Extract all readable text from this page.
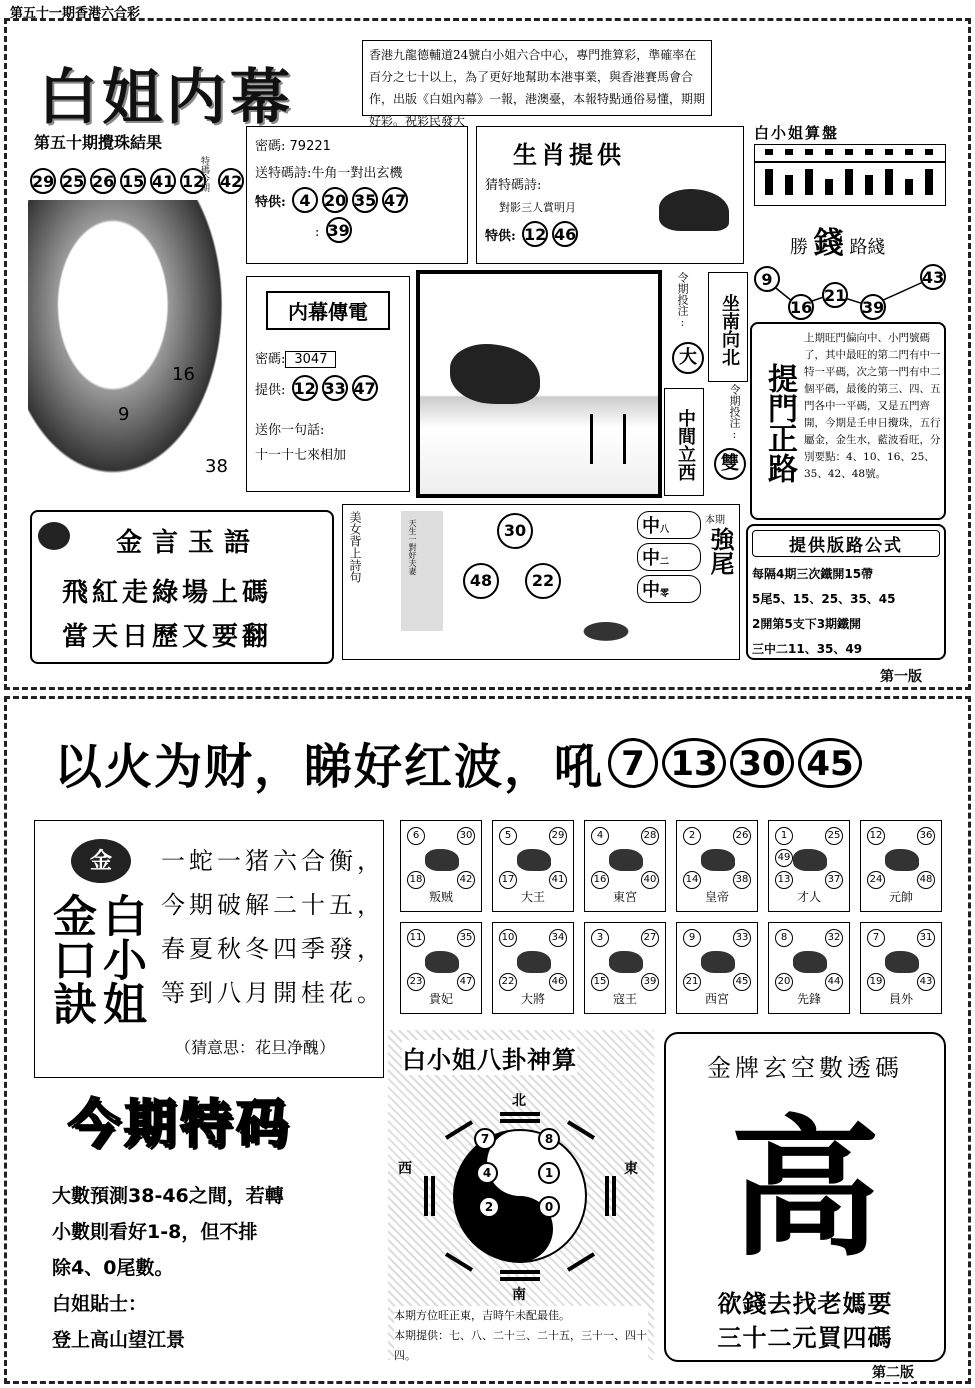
第五十一期香港六合彩
白姐内幕
香港九龍德輔道24號白小姐六合中心，專門推算彩，準確率在百分之七十以上，為了更好地幫助本港事業，與香港賽馬會合作，出版《白姐內幕》一報，港澳臺，本報特點通俗易懂，期期好彩。祝彩民發大
第五十期攪珠結果
29 25 26 15 41 12
特碼今期 42
16
9
38
密碼: 79221
送特碼詩:牛角一對出玄機
特供: 4 20 35 47
: 39
生肖提供
猜特碼詩:
對影三人賞明月
特供: 12 46
白小姐算盤
勝 錢 路綫
9
16
21
39
43
内幕傳電
密碼: 3047
提供: 12 33 47
送你一句話:
十一十七來相加
令期投注:
大	坐南向北
中間立西	令期投注:
雙 提門正路
上期旺門偏向中、小門號碼了，其中最旺的第二門有中一特一平碼，次之第一門有中二個平碼，最後的第三、四、五門各中一平碼，又是五門齊開，今期是壬申日攪珠，五行屬金，金生水，藍波看旺，分別要點：4、10、16、25、35、42、48號。
金言玉語
飛紅走綠場上碼
當天日歷又要翻
美女背上詩句	天生一對好夫妻	30
48	22
中八
中二
中零
本期
強尾	提供版路公式
每隔4期三次鐵開15帶
5尾5、15、25、35、45
2開第5支下3期鐵開
三中二11、35、49
第一版
以火为财，睇好红波，吼 7 13 30 45
金
金口訣 白小姐
一蛇一猪六合衡，
今期破解二十五，
春夏秋冬四季發，
等到八月開桂花。
（猜意思：花旦净醜）
6	30
18	42
叛贼
5	29
17	41
大王
4	28
16	40
東宮
2	26
14	38
皇帝
1	25
49
13	37
才人
12	36
24	48
元帥
11	35
23	47
貴妃
10	34
22	46
大將
3	27
15	39
寇王
9	33
21	45
西宮
8	32
20	44
先鋒
7	31
19	43
員外
今期特码
大數預測38-46之間，若轉
小數則看好1-8，但不排
除4、0尾數。
白姐貼士：
登上高山望江景
白小姐八卦神算
北
南
西	東
7	8
4	1
2	0
本期方位旺正東，吉時午未配最佳。
本期提供：七、八、二十三、二十五，三十一、四十四。
金牌玄空數透碼
高
欲錢去找老媽要
三十二元買四碼
第二版
